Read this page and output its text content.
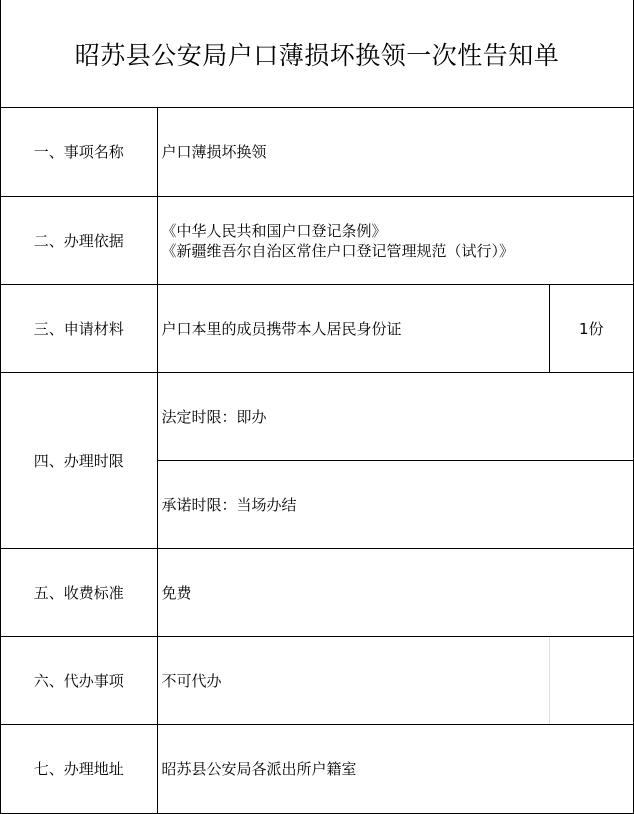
昭苏县公安局户口薄损坏换领一次性告知单
一、事项名称	户口薄损坏换领	
二、办理依据	《中华人民共和国户口登记条例》
《新疆维吾尔自治区常住户口登记管理规范（试行）》	

三、申请材料	户口本里的成员携带本人居民身份证	1份
四、办理时限	法定时限：即办	
	承诺时限：当场办结	
五、收费标准	免费	
六、代办事项	不可代办	
七、办理地址	昭苏县公安局各派出所户籍室	
